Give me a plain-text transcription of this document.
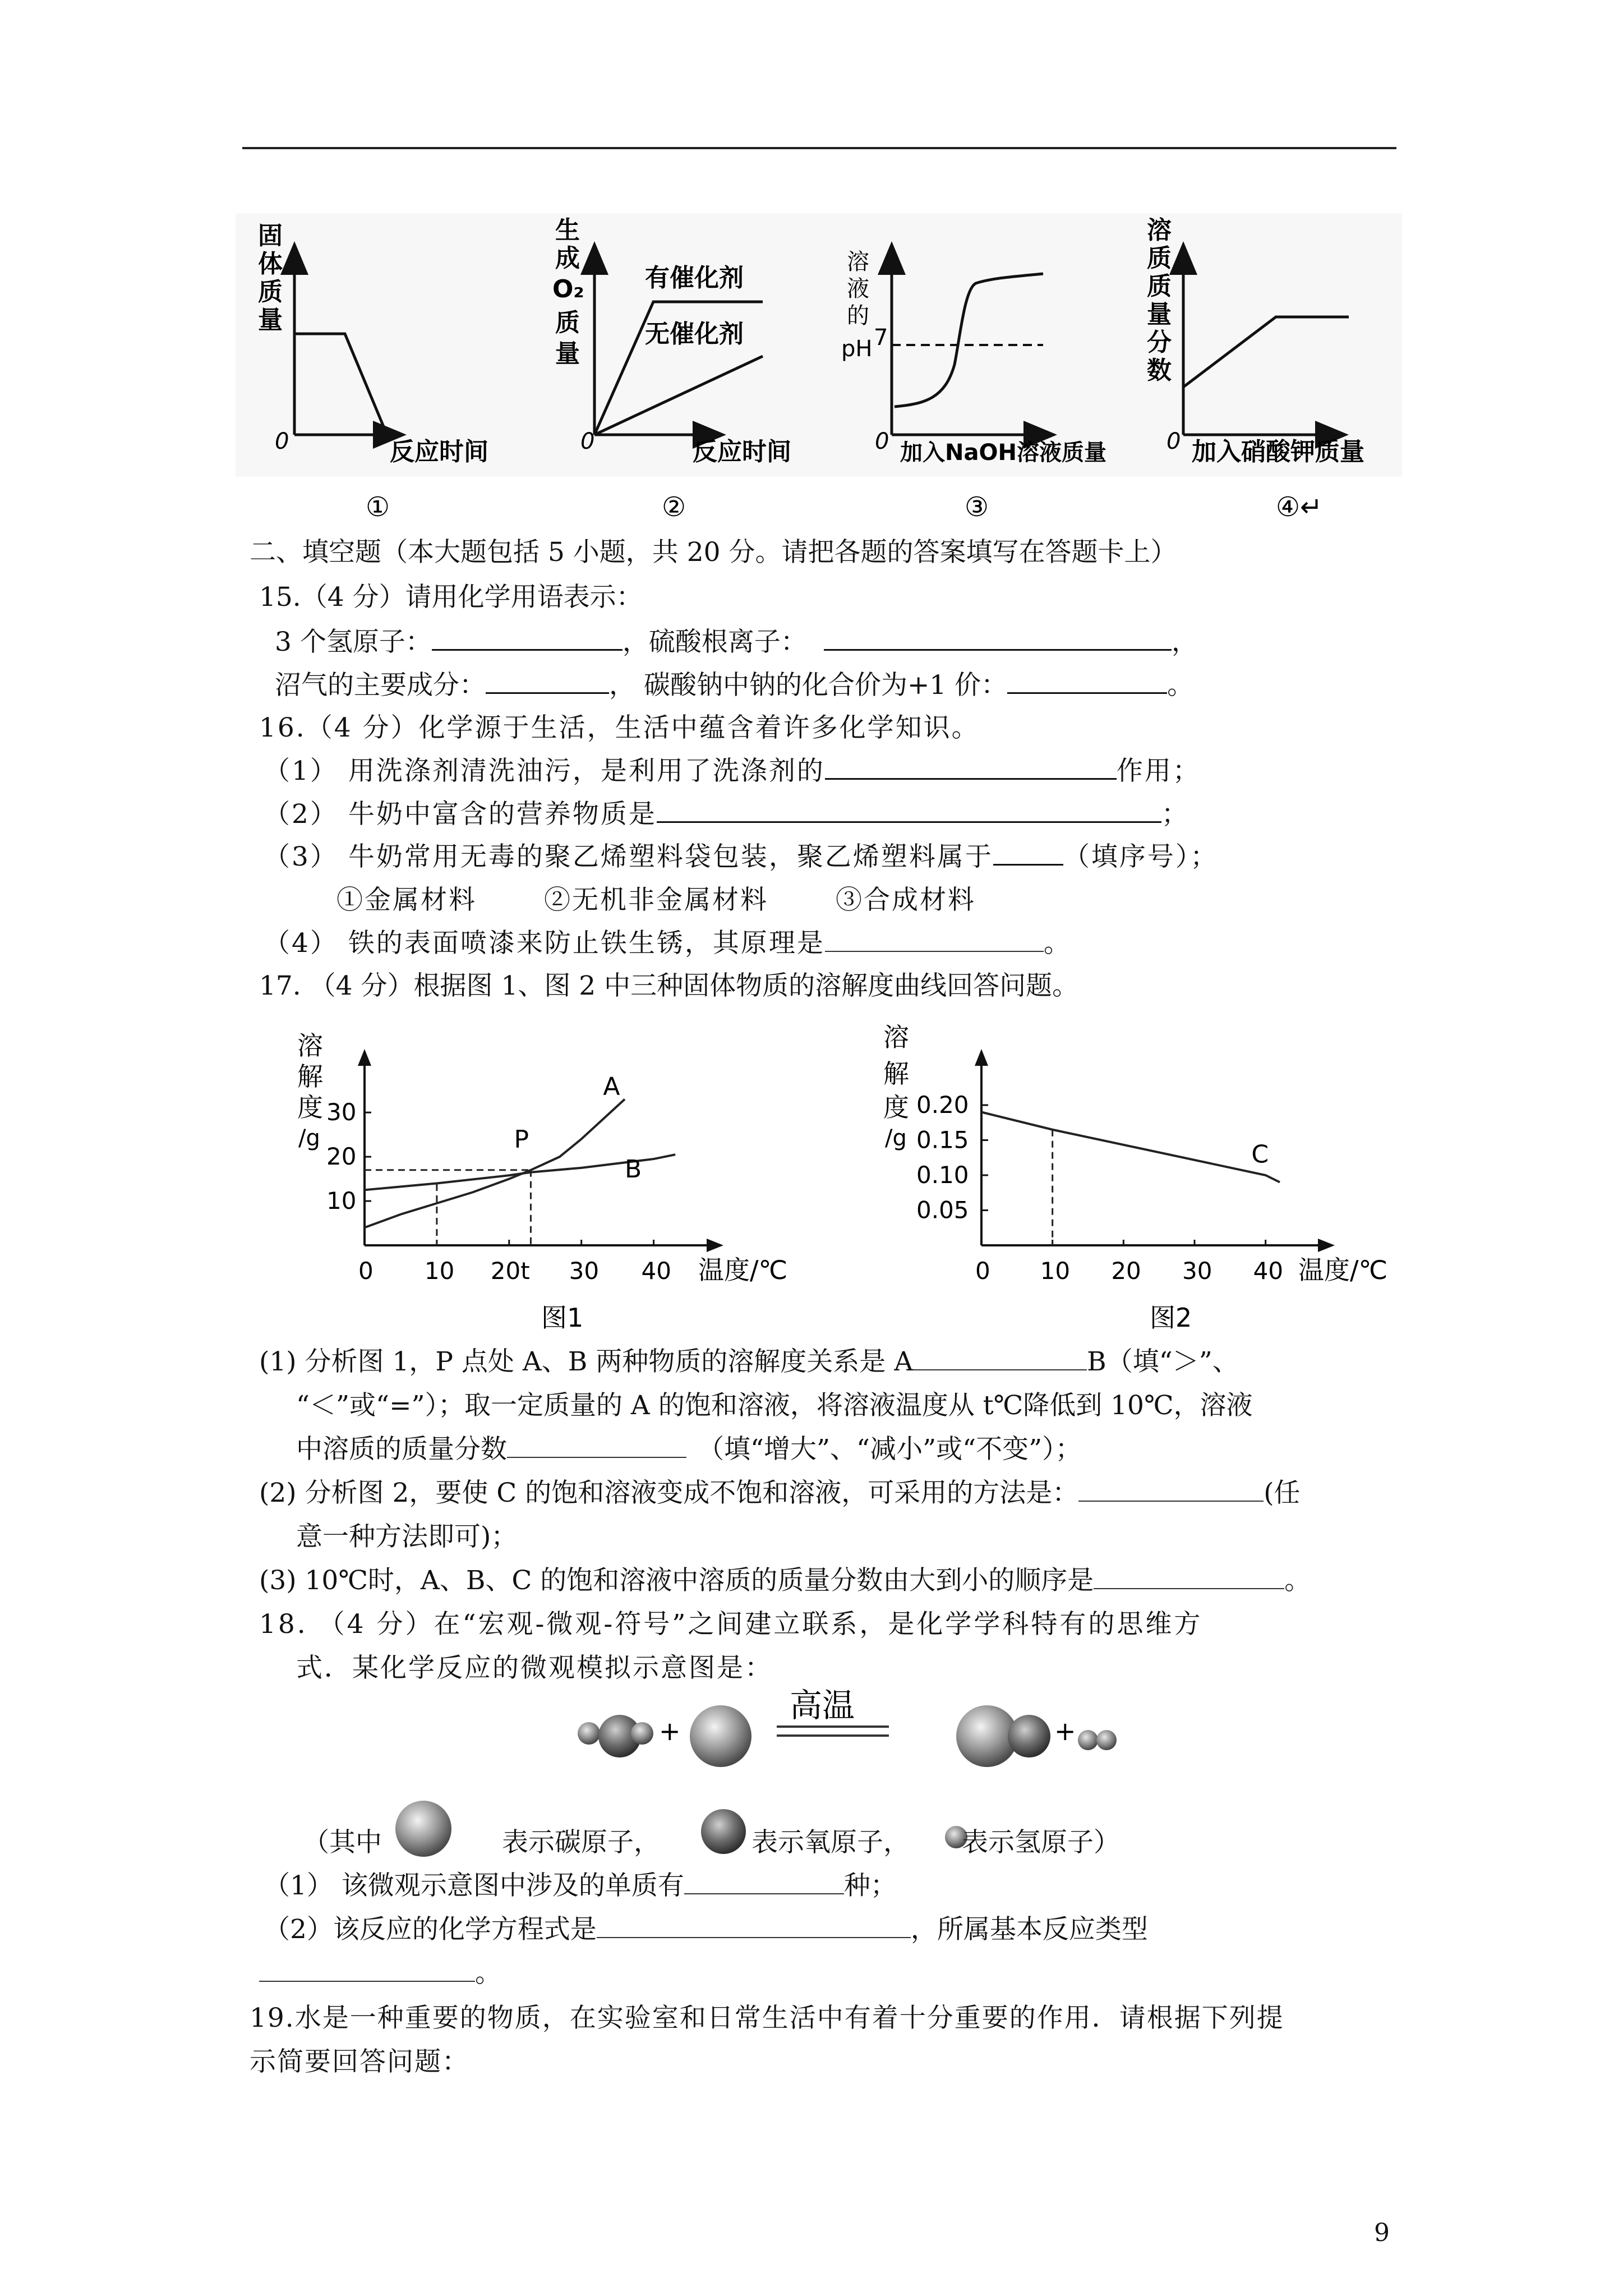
固
体
质
量
0	反应时间
①
生
成
O₂
质
量
有催化剂
无催化剂
0	反应时间
②
溶
液
的
pH 7
0 加入NaOH溶液质量
③
溶
质
质
量
分
数
0 加入硝酸钾质量
④↵
二、填空题（本大题包括 5 小题，共 20 分。请把各题的答案填写在答题卡上）
15.（4 分）请用化学用语表示：
3 个氢原子：	，硫酸根离子：	，
沼气的主要成分：	， 碳酸钠中钠的化合价为+1 价：	。
16.（4 分）化学源于生活，生活中蕴含着许多化学知识。
（1） 用洗涤剂清洗油污，是利用了洗涤剂的	作用；
（2） 牛奶中富含的营养物质是	；
（3） 牛奶常用无毒的聚乙烯塑料袋包装，聚乙烯塑料属于	（填序号）；
①金属材料	②无机非金属材料	③合成材料
（4） 铁的表面喷漆来防止铁生锈，其原理是	。
17. （4 分）根据图 1、图 2 中三种固体物质的溶解度曲线回答问题。
0 10 20t 30 40
10
20
30
P
A
B
溶
解
度
/g
温度/℃
图1
0 10 20 30 40
0.05
0.10
0.15
0.20
C
溶
解
度
/g
温度/℃
图2
(1) 分析图 1，P 点处 A、B 两种物质的溶解度关系是 A	B（填“＞”、
“＜”或“=”）；取一定质量的 A 的饱和溶液，将溶液温度从 t℃降低到 10℃，溶液
中溶质的质量分数	（填“增大”、“减小”或“不变”）；
(2) 分析图 2，要使 C 的饱和溶液变成不饱和溶液，可采用的方法是：	(任
意一种方法即可)；
(3) 10℃时，A、B、C 的饱和溶液中溶质的质量分数由大到小的顺序是	。
18. （4 分）在“宏观-微观-符号”之间建立联系，是化学学科特有的思维方
式．某化学反应的微观模拟示意图是：
+
高温
+
（其中	表示碳原子，	表示氧原子， 表示氢原子）
（1） 该微观示意图中涉及的单质有	种；
（2）该反应的化学方程式是	，所属基本反应类型
。
19.水是一种重要的物质，在实验室和日常生活中有着十分重要的作用．请根据下列提
示简要回答问题：
9
